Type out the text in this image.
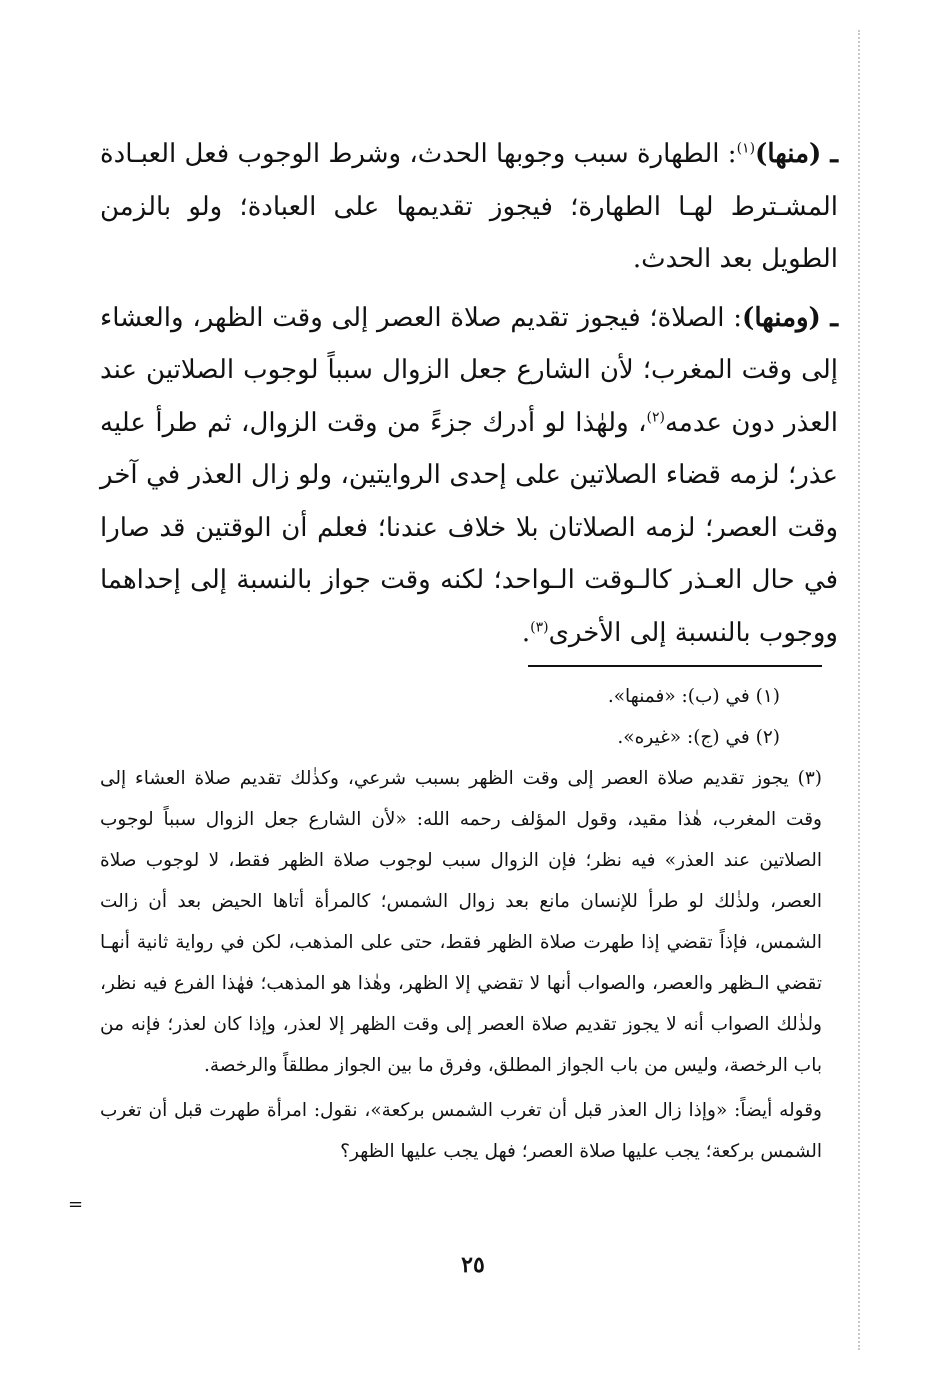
ـ (منها)$^{(١)}$: الطهارة سبب وجوبها الحدث، وشرط الوجوب فعل العبـادة المشـترط لهـا الطهارة؛ فيجوز تقديمها على العبادة؛ ولو بالزمن الطويل بعد الحدث.

ـ (ومنها): الصلاة؛ فيجوز تقديم صلاة العصر إلى وقت الظهر، والعشاء إلى وقت المغرب؛ لأن الشارع جعل الزوال سبباً لوجوب الصلاتين عند العذر دون عدمه$^{(٢)}$، ولهٰذا لو أدرك جزءً من وقت الزوال، ثم طرأ عليه عذر؛ لزمه قضاء الصلاتين على إحدى الروايتين، ولو زال العذر في آخر وقت العصر؛ لزمه الصلاتان بلا خلاف عندنا؛ فعلم أن الوقتين قد صارا في حال العـذر كالـوقت الـواحد؛ لكنه وقت جواز بالنسبة إلى إحداهما ووجوب بالنسبة إلى الأخرى$^{(٣)}$.

(١) في (ب): «فمنها».

(٢) في (ج): «غيره».

(٣) يجوز تقديم صلاة العصر إلى وقت الظهر بسبب شرعي، وكذٰلك تقديم صلاة العشاء إلى وقت المغرب، هٰذا مقيد، وقول المؤلف رحمه الله: «لأن الشارع جعل الزوال سبباً لوجوب الصلاتين عند العذر» فيه نظر؛ فإن الزوال سبب لوجوب صلاة الظهر فقط، لا لوجوب صلاة العصر، ولذٰلك لو طرأ للإنسان مانع بعد زوال الشمس؛ كالمرأة أتاها الحيض بعد أن زالت الشمس، فإذاً تقضي إذا طهرت صلاة الظهر فقط، حتى على المذهب، لكن في رواية ثانية أنهـا تقضي الـظهر والعصر، والصواب أنها لا تقضي إلا الظهر، وهٰذا هو المذهب؛ فهٰذا الفرع فيه نظر، ولذٰلك الصواب أنه لا يجوز تقديم صلاة العصر إلى وقت الظهر إلا لعذر، وإذا كان لعذر؛ فإنه من باب الرخصة، وليس من باب الجواز المطلق، وفرق ما بين الجواز مطلقاً والرخصة.

وقوله أيضاً: «وإذا زال العذر قبل أن تغرب الشمس بركعة»، نقول: امرأة طهرت قبل أن تغرب الشمس بركعة؛ يجب عليها صلاة العصر؛ فهل يجب عليها الظهر؟

=
٢٥
